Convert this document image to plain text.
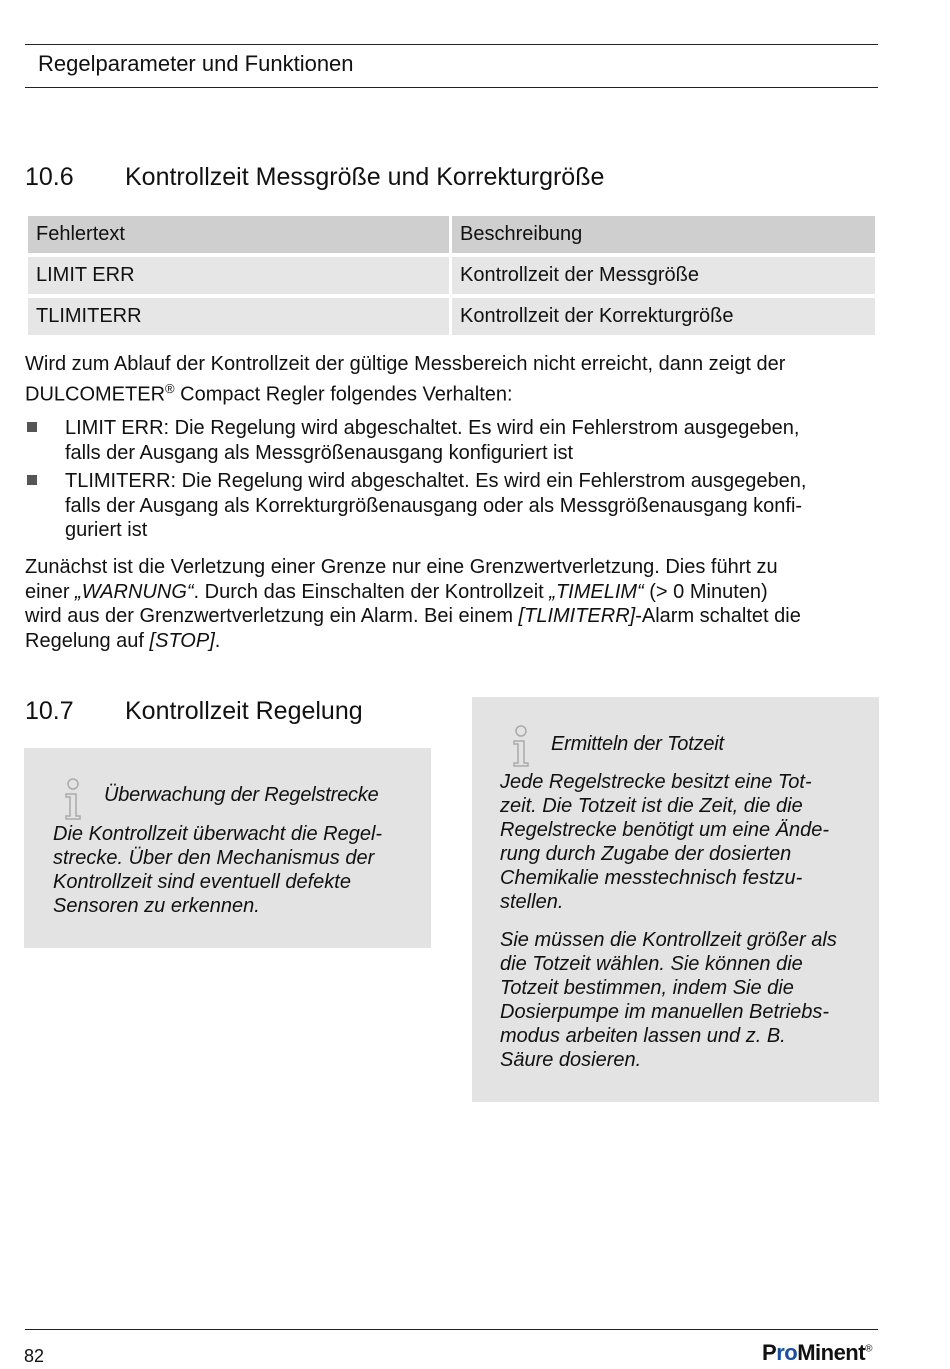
Regelparameter und Funktionen
10.6 Kontrollzeit Messgröße und Korrekturgröße
Fehlertext	Beschreibung
LIMIT ERR	Kontrollzeit der Messgröße
TLIMITERR	Kontrollzeit der Korrekturgröße
Wird zum Ablauf der Kontrollzeit der gültige Messbereich nicht erreicht, dann zeigt der
DULCOMETER® Compact Regler folgendes Verhalten:
LIMIT ERR: Die Regelung wird abgeschaltet. Es wird ein Fehlerstrom ausgegeben,
falls der Ausgang als Messgrößenausgang konfiguriert ist
TLIMITERR: Die Regelung wird abgeschaltet. Es wird ein Fehlerstrom ausgegeben,
falls der Ausgang als Korrekturgrößenausgang oder als Messgrößenausgang konfi-
guriert ist
Zunächst ist die Verletzung einer Grenze nur eine Grenzwertverletzung. Dies führt zu
einer „WARNUNG“. Durch das Einschalten der Kontrollzeit „TIMELIM“ (> 0 Minuten)
wird aus der Grenzwertverletzung ein Alarm. Bei einem [TLIMITERR]-Alarm schaltet die
Regelung auf [STOP].
10.7 Kontrollzeit Regelung
Überwachung der Regelstrecke
Die Kontrollzeit überwacht die Regel-
strecke. Über den Mechanismus der
Kontrollzeit sind eventuell defekte
Sensoren zu erkennen.
Ermitteln der Totzeit
Jede Regelstrecke besitzt eine Tot-
zeit. Die Totzeit ist die Zeit, die die
Regelstrecke benötigt um eine Ände-
rung durch Zugabe der dosierten
Chemikalie messtechnisch festzu-
stellen.
Sie müssen die Kontrollzeit größer als
die Totzeit wählen. Sie können die
Totzeit bestimmen, indem Sie die
Dosierpumpe im manuellen Betriebs-
modus arbeiten lassen und z. B.
Säure dosieren.
82	ProMinent®
